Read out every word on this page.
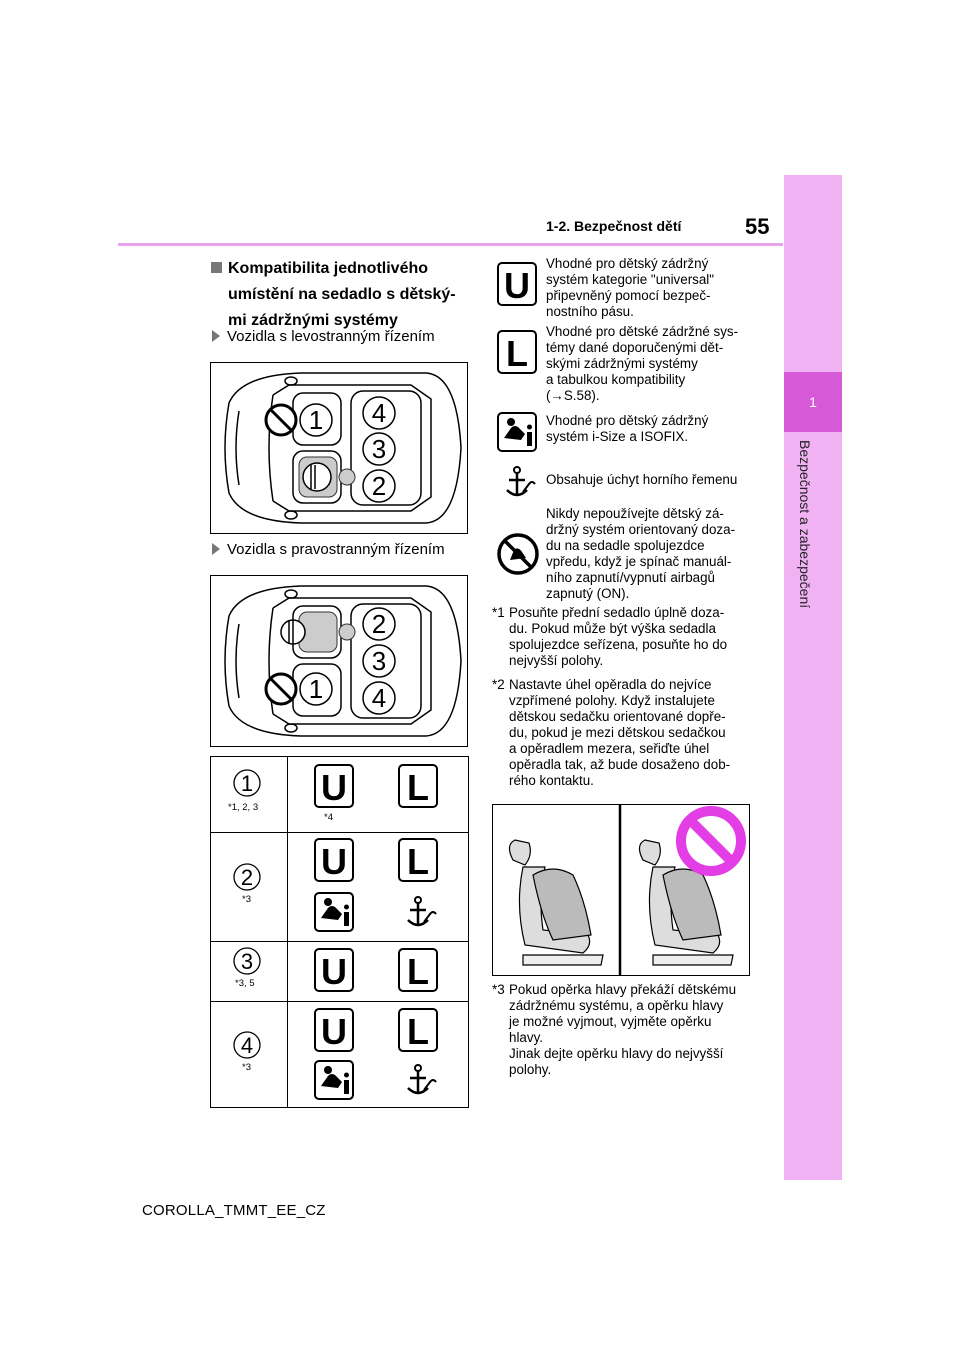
1
Bezpečnost a zabezpečení
1-2. Bezpečnost dětí	55
Kompatibilita jednotlivého umístění na sedadlo s dětský-mi zádržnými systémy
Vozidla s levostranným řízením
1 4
3
2
Vozidla s pravostranným řízením
2
3
1 4
1
*1, 2, 3 U
*4
L
2
*3
U L
3
*3, 5 U L
4
*3
U L
U
Vhodné pro dětský zádržný
systém kategorie "universal"
připevněný pomocí bezpeč-
nostního pásu.
L
Vhodné pro dětské zádržné sys-
témy dané doporučenými dět-
skými zádržnými systémy
a tabulkou kompatibility
(→S.58).
Vhodné pro dětský zádržný
systém i-Size a ISOFIX.
Obsahuje úchyt horního řemenu
Nikdy nepoužívejte dětský zá-
držný systém orientovaný doza-
du na sedadle spolujezdce
vpředu, když je spínač manuál-
ního zapnutí/vypnutí airbagů
zapnutý (ON).
*1 Posuňte přední sedadlo úplně doza-
du. Pokud může být výška sedadla
spolujezdce seřízena, posuňte ho do
nejvyšší polohy.
*2 Nastavte úhel opěradla do nejvíce
vzpřímené polohy. Když instalujete
dětskou sedačku orientované dopře-
du, pokud je mezi dětskou sedačkou
a opěradlem mezera, seřiďte úhel
opěradla tak, až bude dosaženo dob-
rého kontaktu.
*3 Pokud opěrka hlavy překáží dětskému
zádržnému systému, a opěrku hlavy
je možné vyjmout, vyjměte opěrku
hlavy.
Jinak dejte opěrku hlavy do nejvyšší
polohy.
COROLLA_TMMT_EE_CZ
